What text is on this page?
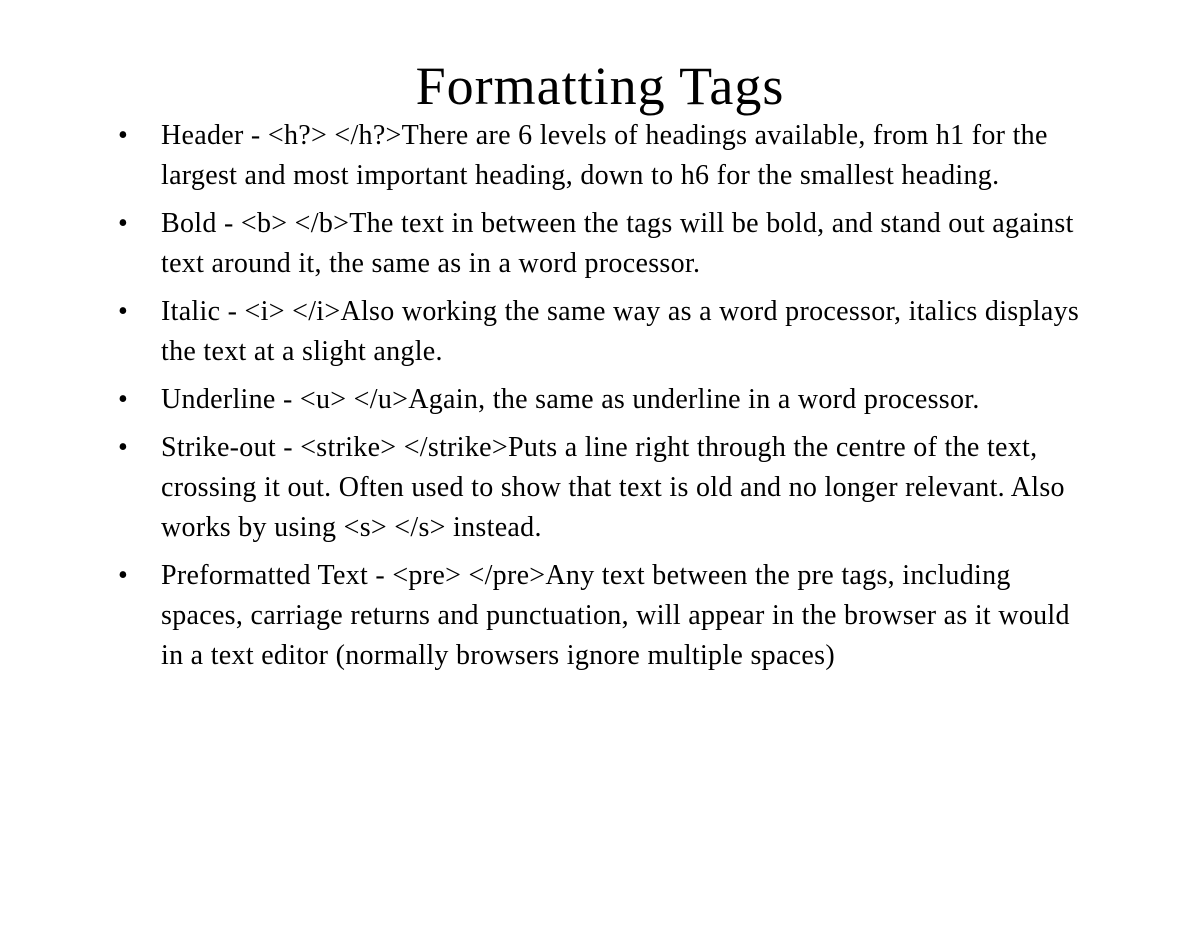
Formatting Tags
•	Header - <h?> </h?>There are 6 levels of headings available, from h1 for the largest and most important heading, down to h6 for the smallest heading.
•	Bold - <b> </b>The text in between the tags will be bold, and stand out against text around it, the same as in a word processor.
•	Italic - <i> </i>Also working the same way as a word processor, italics displays the text at a slight angle.
•	Underline - <u> </u>Again, the same as underline in a word processor.
•	Strike-out - <strike> </strike>Puts a line right through the centre of the text, crossing it out. Often used to show that text is old and no longer relevant. Also works by using <s> </s> instead.
•	Preformatted Text - <pre> </pre>Any text between the pre tags, including spaces, carriage returns and punctuation, will appear in the browser as it would in a text editor (normally browsers ignore multiple spaces)
